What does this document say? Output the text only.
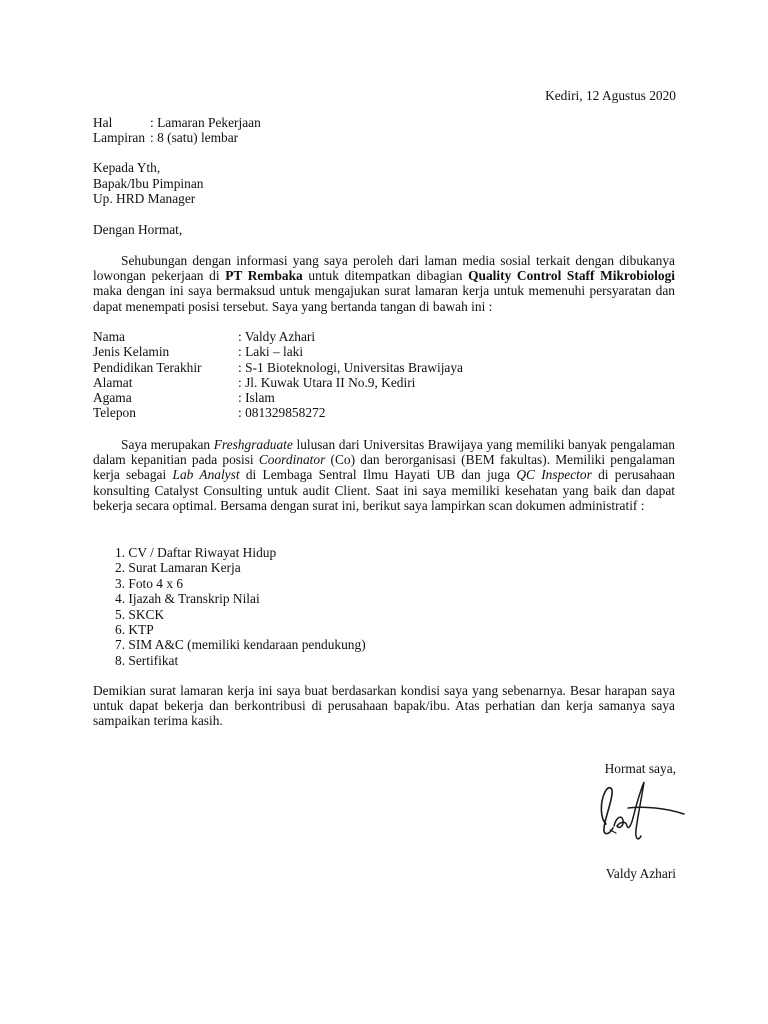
Kediri, 12 Agustus 2020
Hal	: Lamaran Pekerjaan
Lampiran : 8 (satu) lembar
Kepada Yth,
Bapak/Ibu Pimpinan
Up. HRD Manager
Dengan Hormat,

Sehubungan dengan informasi yang saya peroleh dari laman media sosial terkait dengan dibukanya lowongan pekerjaan di PT Rembaka untuk ditempatkan dibagian Quality Control Staff Mikrobiologi maka dengan ini saya bermaksud untuk mengajukan surat lamaran kerja untuk memenuhi persyaratan dan dapat menempati posisi tersebut. Saya yang bertanda tangan di bawah ini :

Nama	: Valdy Azhari
Jenis Kelamin	: Laki – laki
Pendidikan Terakhir	: S-1 Bioteknologi, Universitas Brawijaya
Alamat	: Jl. Kuwak Utara II No.9, Kediri
Agama	: Islam
Telepon	: 081329858272

Saya merupakan Freshgraduate lulusan dari Universitas Brawijaya yang memiliki banyak pengalaman dalam kepanitian pada posisi Coordinator (Co) dan berorganisasi (BEM fakultas). Memiliki pengalaman kerja sebagai Lab Analyst di Lembaga Sentral Ilmu Hayati UB dan juga QC Inspector di perusahaan konsulting Catalyst Consulting untuk audit Client. Saat ini saya memiliki kesehatan yang baik dan dapat bekerja secara optimal. Bersama dengan surat ini, berikut saya lampirkan scan dokumen administratif :

1. CV / Daftar Riwayat Hidup
2. Surat Lamaran Kerja
3. Foto 4 x 6
4. Ijazah & Transkrip Nilai
5. SKCK
6. KTP
7. SIM A&C (memiliki kendaraan pendukung)
8. Sertifikat

Demikian surat lamaran kerja ini saya buat berdasarkan kondisi saya yang sebenarnya. Besar harapan saya untuk dapat bekerja dan berkontribusi di perusahaan bapak/ibu. Atas perhatian dan kerja samanya saya sampaikan terima kasih.

Hormat saya,
Valdy Azhari
